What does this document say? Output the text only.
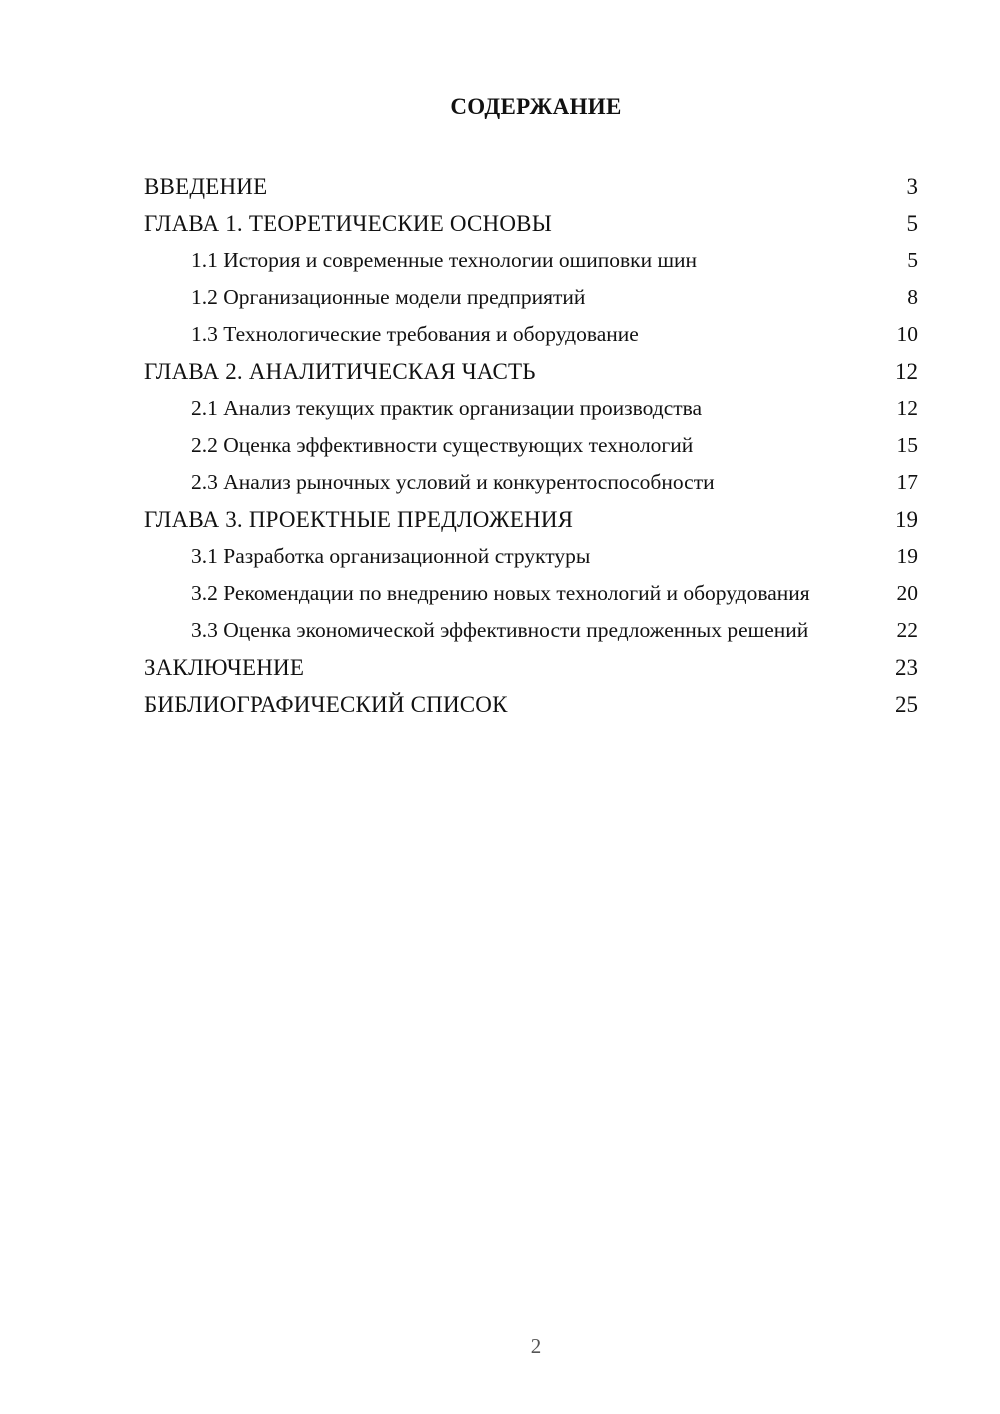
СОДЕРЖАНИЕ
ВВЕДЕНИЕ	3
ГЛАВА 1. ТЕОРЕТИЧЕСКИЕ ОСНОВЫ	5
1.1 История и современные технологии ошиповки шин	5
1.2 Организационные модели предприятий	8
1.3 Технологические требования и оборудование	10
ГЛАВА 2. АНАЛИТИЧЕСКАЯ ЧАСТЬ	12
2.1 Анализ текущих практик организации производства	12
2.2 Оценка эффективности существующих технологий	15
2.3 Анализ рыночных условий и конкурентоспособности	17
ГЛАВА 3. ПРОЕКТНЫЕ ПРЕДЛОЖЕНИЯ	19
3.1 Разработка организационной структуры	19
3.2 Рекомендации по внедрению новых технологий и оборудования	20
3.3 Оценка экономической эффективности предложенных решений	22
ЗАКЛЮЧЕНИЕ	23
БИБЛИОГРАФИЧЕСКИЙ СПИСОК	25
2
